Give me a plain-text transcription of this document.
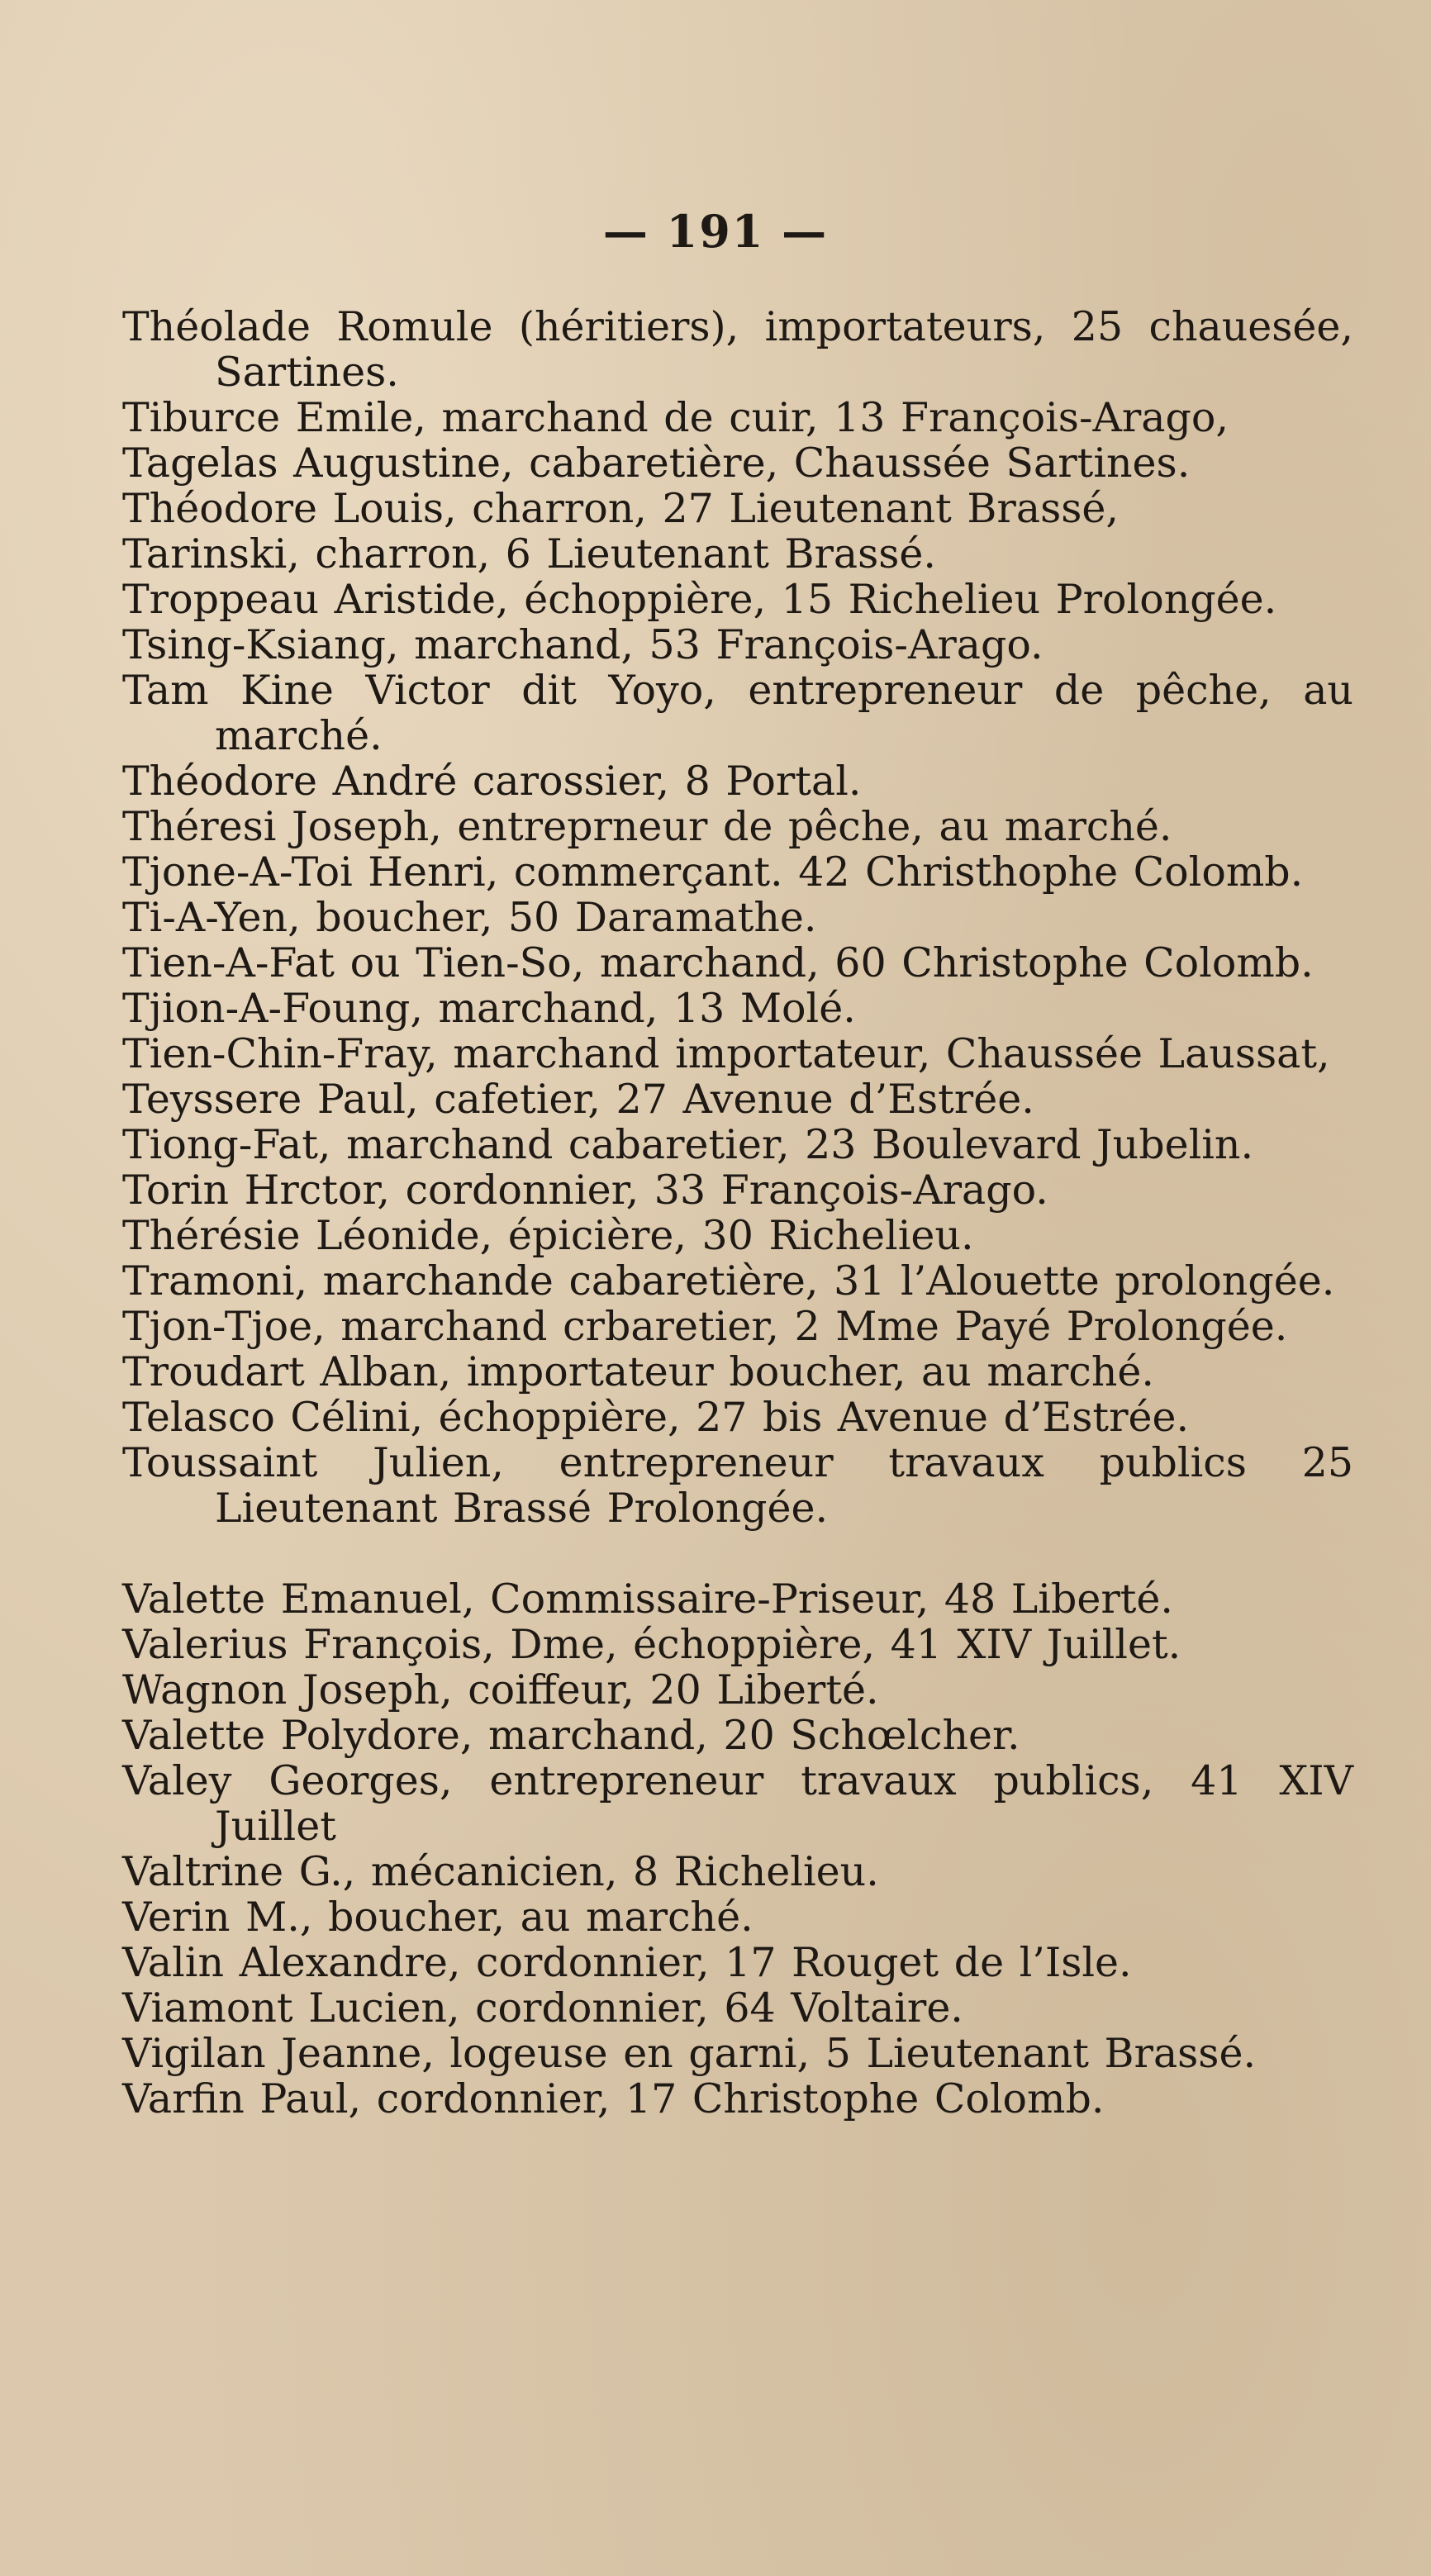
— 191 —

Théolade Romule (héritiers), importateurs, 25 chauesée, Sartines.

Tiburce Emile, marchand de cuir, 13 François-Arago,

Tagelas Augustine, cabaretière, Chaussée Sartines.

Théodore Louis, charron, 27 Lieutenant Brassé,

Tarinski, charron, 6 Lieutenant Brassé.

Troppeau Aristide, échoppière, 15 Richelieu Prolongée.

Tsing-Ksiang, marchand, 53 François-Arago.

Tam Kine Victor dit Yoyo, entrepreneur de pêche, au marché.

Théodore André carossier, 8 Portal.

Théresi Joseph, entreprneur de pêche, au marché.

Tjone-A-Toi Henri, commerçant. 42 Christhophe Colomb.

Ti-A-Yen, boucher, 50 Daramathe.

Tien-A-Fat ou Tien-So, marchand, 60 Christophe Colomb.

Tjion-A-Foung, marchand, 13 Molé.

Tien-Chin-Fray, marchand importateur, Chaussée Laussat,

Teyssere Paul, cafetier, 27 Avenue d’Estrée.

Tiong-Fat, marchand cabaretier, 23 Boulevard Jubelin.

Torin Hrctor, cordonnier, 33 François-Arago.

Thérésie Léonide, épicière, 30 Richelieu.

Tramoni, marchande cabaretière, 31 l’Alouette prolongée.

Tjon-Tjoe, marchand crbaretier, 2 Mme Payé Prolongée.

Troudart Alban, importateur boucher, au marché.

Telasco Célini, échoppière, 27 bis Avenue d’Estrée.

Toussaint Julien, entrepreneur travaux publics 25 Lieutenant Brassé Prolongée.

Valette Emanuel, Commissaire-Priseur, 48 Liberté.

Valerius François, Dme, échoppière, 41 XIV Juillet.

Wagnon Joseph, coiffeur, 20 Liberté.

Valette Polydore, marchand, 20 Schœlcher.

Valey Georges, entrepreneur travaux publics, 41 XIV Juillet

Valtrine G., mécanicien, 8 Richelieu.

Verin M., boucher, au marché.

Valin Alexandre, cordonnier, 17 Rouget de l’Isle.

Viamont Lucien, cordonnier, 64 Voltaire.

Vigilan Jeanne, logeuse en garni, 5 Lieutenant Brassé.

Varfin Paul, cordonnier, 17 Christophe Colomb.
